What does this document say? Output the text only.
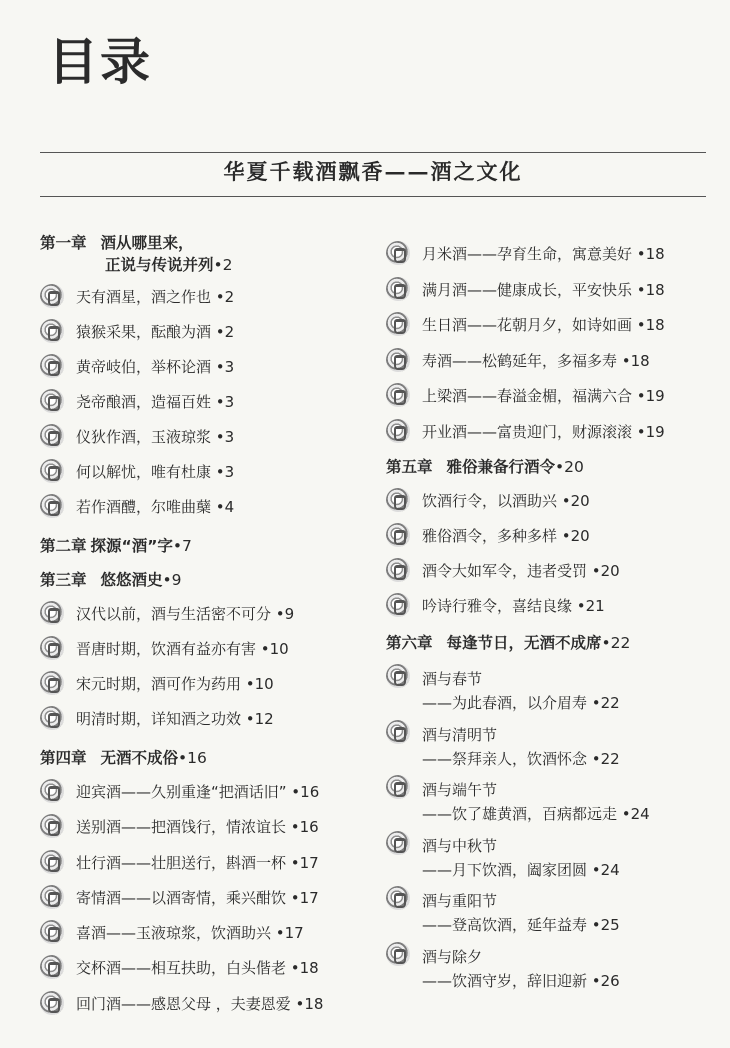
目录
华夏千载酒飘香——酒之文化
第一章 酒从哪里来，
正说与传说并列•2
天有酒星，酒之作也 •2
猿猴采果，酝酿为酒 •2
黄帝岐伯，举杯论酒 •3
尧帝酿酒，造福百姓 •3
仪狄作酒，玉液琼浆 •3
何以解忧，唯有杜康 •3
若作酒醴，尔唯曲蘖 •4
第二章 探源“酒”字•7
第三章 悠悠酒史•9
汉代以前，酒与生活密不可分 •9
晋唐时期，饮酒有益亦有害 •10
宋元时期，酒可作为药用 •10
明清时期，详知酒之功效 •12
第四章 无酒不成俗•16
迎宾酒——久别重逢“把酒话旧” •16
送别酒——把酒饯行，情浓谊长 •16
壮行酒——壮胆送行，斟酒一杯 •17
寄情酒——以酒寄情，乘兴酣饮 •17
喜酒——玉液琼浆，饮酒助兴 •17
交杯酒——相互扶助，白头偕老 •18
回门酒——感恩父母 ，夫妻恩爱 •18
月米酒——孕育生命，寓意美好 •18
满月酒——健康成长，平安快乐 •18
生日酒——花朝月夕，如诗如画 •18
寿酒——松鹤延年，多福多寿 •18
上梁酒——春溢金楣，福满六合 •19
开业酒——富贵迎门，财源滚滚 •19
第五章 雅俗兼备行酒令•20
饮酒行令，以酒助兴 •20
雅俗酒令，多种多样 •20
酒令大如军令，违者受罚 •20
吟诗行雅令，喜结良缘 •21
第六章 每逢节日，无酒不成席•22
酒与春节
——为此春酒，以介眉寿 •22
酒与清明节
——祭拜亲人，饮酒怀念 •22
酒与端午节
——饮了雄黄酒，百病都远走 •24
酒与中秋节
——月下饮酒，阖家团圆 •24
酒与重阳节
——登高饮酒，延年益寿 •25
酒与除夕
——饮酒守岁，辞旧迎新 •26
